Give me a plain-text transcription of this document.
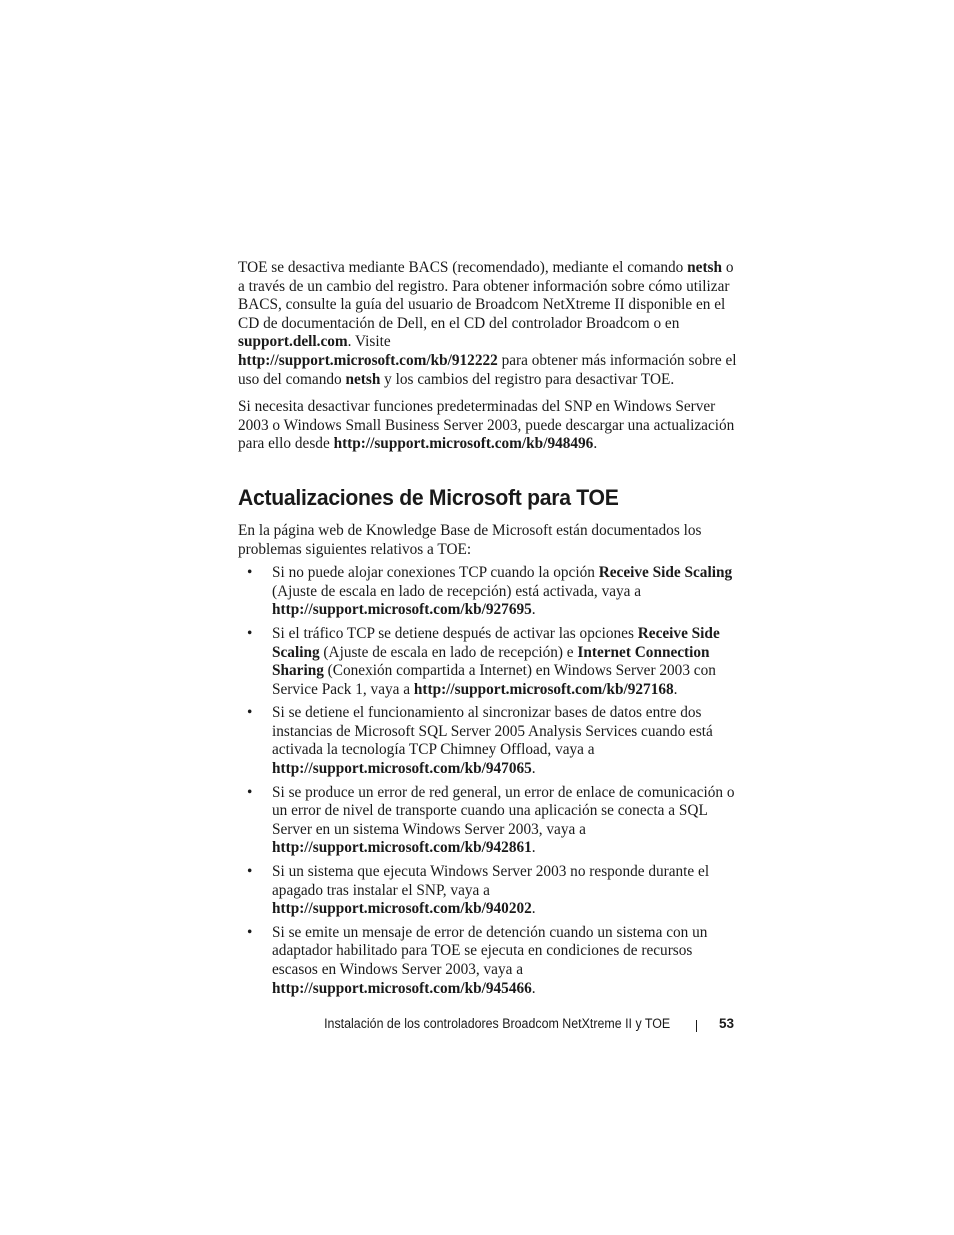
TOE se desactiva mediante BACS (recomendado), mediante el comando netsh o a través de un cambio del registro. Para obtener información sobre cómo utilizar BACS, consulte la guía del usuario de Broadcom NetXtreme II disponible en el CD de documentación de Dell, en el CD del controlador Broadcom o en support.dell.com. Visite
http://support.microsoft.com/kb/912222 para obtener más información sobre el uso del comando netsh y los cambios del registro para desactivar TOE.

Si necesita desactivar funciones predeterminadas del SNP en Windows Server 2003 o Windows Small Business Server 2003, puede descargar una actualización para ello desde http://support.microsoft.com/kb/948496.

Actualizaciones de Microsoft para TOE

En la página web de Knowledge Base de Microsoft están documentados los problemas siguientes relativos a TOE:

• Si no puede alojar conexiones TCP cuando la opción Receive Side Scaling (Ajuste de escala en lado de recepción) está activada, vaya a http://support.microsoft.com/kb/927695.
• Si el tráfico TCP se detiene después de activar las opciones Receive Side Scaling (Ajuste de escala en lado de recepción) e Internet Connection Sharing (Conexión compartida a Internet) en Windows Server 2003 con Service Pack 1, vaya a http://support.microsoft.com/kb/927168.
• Si se detiene el funcionamiento al sincronizar bases de datos entre dos instancias de Microsoft SQL Server 2005 Analysis Services cuando está activada la tecnología TCP Chimney Offload, vaya a http://support.microsoft.com/kb/947065.
• Si se produce un error de red general, un error de enlace de comunicación o un error de nivel de transporte cuando una aplicación se conecta a SQL Server en un sistema Windows Server 2003, vaya a http://support.microsoft.com/kb/942861.
• Si un sistema que ejecuta Windows Server 2003 no responde durante el apagado tras instalar el SNP, vaya a http://support.microsoft.com/kb/940202.
• Si se emite un mensaje de error de detención cuando un sistema con un adaptador habilitado para TOE se ejecuta en condiciones de recursos escasos en Windows Server 2003, vaya a http://support.microsoft.com/kb/945466.
Instalación de los controladores Broadcom NetXtreme II y TOE	53
